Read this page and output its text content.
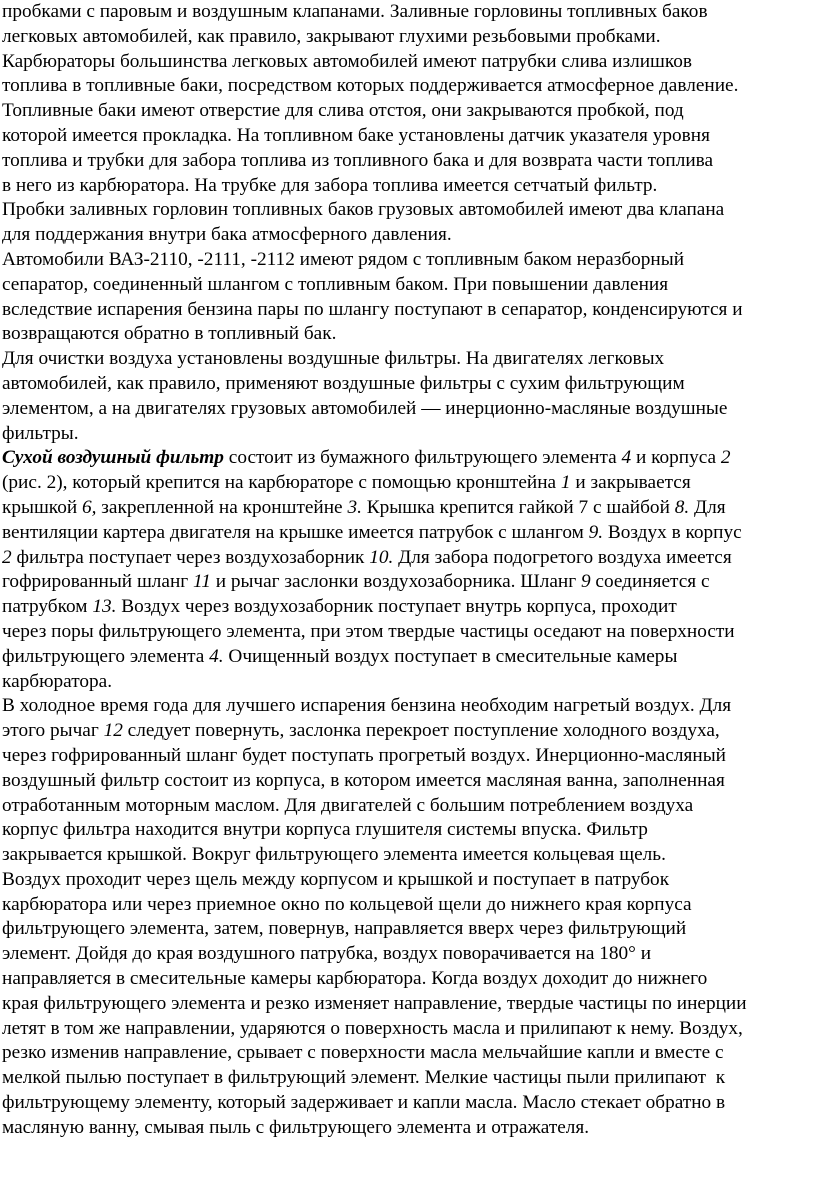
пробками с паровым и воздушным клапанами. Заливные горловины топливных баков
легковых автомобилей, как правило, закрывают глухими резьбовыми пробками.
Карбюраторы большинства легковых автомобилей имеют патрубки слива излишков
топлива в топливные баки, посредством которых поддерживается атмосферное давление.
Топливные баки имеют отверстие для слива отстоя, они закрываются пробкой, под
которой имеется прокладка. На топливном баке установлены датчик указателя уровня
топлива и трубки для забора топлива из топливного бака и для возврата части топлива
в него из карбюратора. На трубке для забора топлива имеется сетчатый фильтр.
Пробки заливных горловин топливных баков грузовых автомобилей имеют два клапана
для поддержания внутри бака атмосферного давления.
Автомобили ВАЗ-2110, -2111, -2112 имеют рядом с топливным баком неразборный
сепаратор, соединенный шлангом с топливным баком. При повышении давления
вследствие испарения бензина пары по шлангу поступают в сепаратор, конденсируются и
возвращаются обратно в топливный бак.
Для очистки воздуха установлены воздушные фильтры. На двигателях легковых
автомобилей, как правило, применяют воздушные фильтры с сухим фильтрующим
элементом, а на двигателях грузовых автомобилей — инерционно-масляные воздушные
фильтры.
Сухой воздушный фильтр состоит из бумажного фильтрующего элемента 4 и корпуса 2
(рис. 2), который крепится на карбюраторе с помощью кронштейна 1 и закрывается
крышкой 6, закрепленной на кронштейне 3. Крышка крепится гайкой 7 с шайбой 8. Для
вентиляции картера двигателя на крышке имеется патрубок с шлангом 9. Воздух в корпус
2 фильтра поступает через воздухозаборник 10. Для забора подогретого воздуха имеется
гофрированный шланг 11 и рычаг заслонки воздухозаборника. Шланг 9 соединяется с
патрубком 13. Воздух через воздухозаборник поступает внутрь корпуса, проходит
через поры фильтрующего элемента, при этом твердые частицы оседают на поверхности
фильтрующего элемента 4. Очищенный воздух поступает в смесительные камеры
карбюратора.
В холодное время года для лучшего испарения бензина необходим нагретый воздух. Для
этого рычаг 12 следует повернуть, заслонка перекроет поступление холодного воздуха,
через гофрированный шланг будет поступать прогретый воздух. Инерционно-масляный
воздушный фильтр состоит из корпуса, в котором имеется масляная ванна, заполненная
отработанным моторным маслом. Для двигателей с большим потреблением воздуха
корпус фильтра находится внутри корпуса глушителя системы впуска. Фильтр
закрывается крышкой. Вокруг фильтрующего элемента имеется кольцевая щель.
Воздух проходит через щель между корпусом и крышкой и поступает в патрубок
карбюратора или через приемное окно по кольцевой щели до нижнего края корпуса
фильтрующего элемента, затем, повернув, направляется вверх через фильтрующий
элемент. Дойдя до края воздушного патрубка, воздух поворачивается на 180° и
направляется в смесительные камеры карбюратора. Когда воздух доходит до нижнего
края фильтрующего элемента и резко изменяет направление, твердые частицы по инерции
летят в том же направлении, ударяются о поверхность масла и прилипают к нему. Воздух,
резко изменив направление, срывает с поверхности масла мельчайшие капли и вместе с
мелкой пылью поступает в фильтрующий элемент. Мелкие частицы пыли прилипают  к
фильтрующему элементу, который задерживает и капли масла. Масло стекает обратно в
масляную ванну, смывая пыль с фильтрующего элемента и отражателя.
